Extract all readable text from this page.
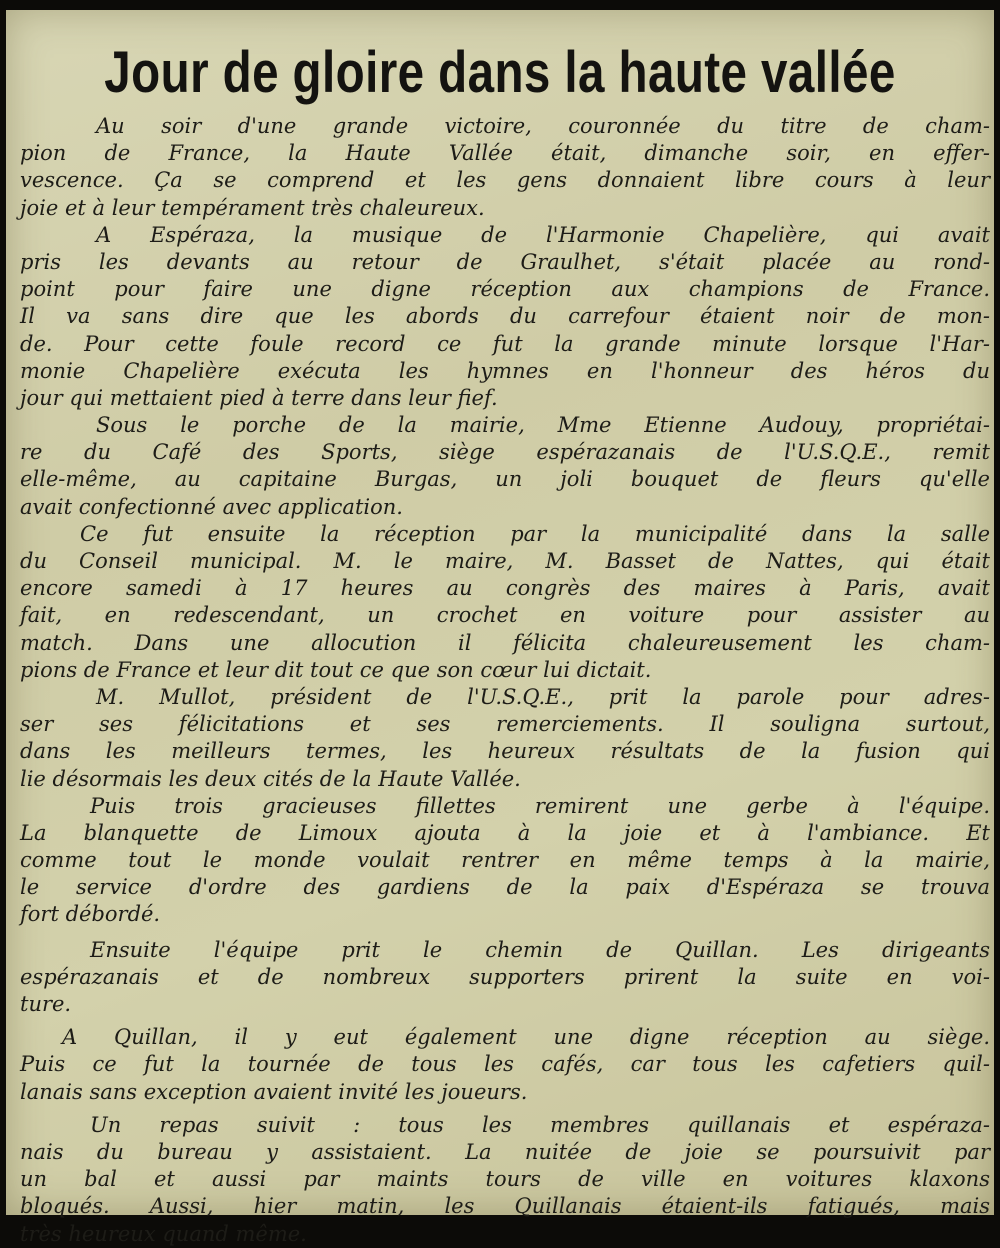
Jour de gloire dans la haute vallée
Au soir d'une grande victoire, couronnée du titre de cham-
pion de France, la Haute Vallée était, dimanche soir, en effer-
vescence. Ça se comprend et les gens donnaient libre cours à leur
joie et à leur tempérament très chaleureux.
A Espéraza, la musique de l'Harmonie Chapelière, qui avait
pris les devants au retour de Graulhet, s'était placée au rond-
point pour faire une digne réception aux champions de France.
Il va sans dire que les abords du carrefour étaient noir de mon-
de. Pour cette foule record ce fut la grande minute lorsque l'Har-
monie Chapelière exécuta les hymnes en l'honneur des héros du
jour qui mettaient pied à terre dans leur fief.
Sous le porche de la mairie, Mme Etienne Audouy, propriétai-
re du Café des Sports, siège espérazanais de l'U.S.Q.E., remit
elle-même, au capitaine Burgas, un joli bouquet de fleurs qu'elle
avait confectionné avec application.
Ce fut ensuite la réception par la municipalité dans la salle
du Conseil municipal. M. le maire, M. Basset de Nattes, qui était
encore samedi à 17 heures au congrès des maires à Paris, avait
fait, en redescendant, un crochet en voiture pour assister au
match. Dans une allocution il félicita chaleureusement les cham-
pions de France et leur dit tout ce que son cœur lui dictait.
M. Mullot, président de l'U.S.Q.E., prit la parole pour adres-
ser ses félicitations et ses remerciements. Il souligna surtout,
dans les meilleurs termes, les heureux résultats de la fusion qui
lie désormais les deux cités de la Haute Vallée.
Puis trois gracieuses fillettes remirent une gerbe à l'équipe.
La blanquette de Limoux ajouta à la joie et à l'ambiance. Et
comme tout le monde voulait rentrer en même temps à la mairie,
le service d'ordre des gardiens de la paix d'Espéraza se trouva
fort débordé.
Ensuite l'équipe prit le chemin de Quillan. Les dirigeants
espérazanais et de nombreux supporters prirent la suite en voi-
ture.
A Quillan, il y eut également une digne réception au siège.
Puis ce fut la tournée de tous les cafés, car tous les cafetiers quil-
lanais sans exception avaient invité les joueurs.
Un repas suivit : tous les membres quillanais et espéraza-
nais du bureau y assistaient. La nuitée de joie se poursuivit par
un bal et aussi par maints tours de ville en voitures klaxons
bloqués. Aussi, hier matin, les Quillanais étaient-ils fatigués, mais
très heureux quand même.
